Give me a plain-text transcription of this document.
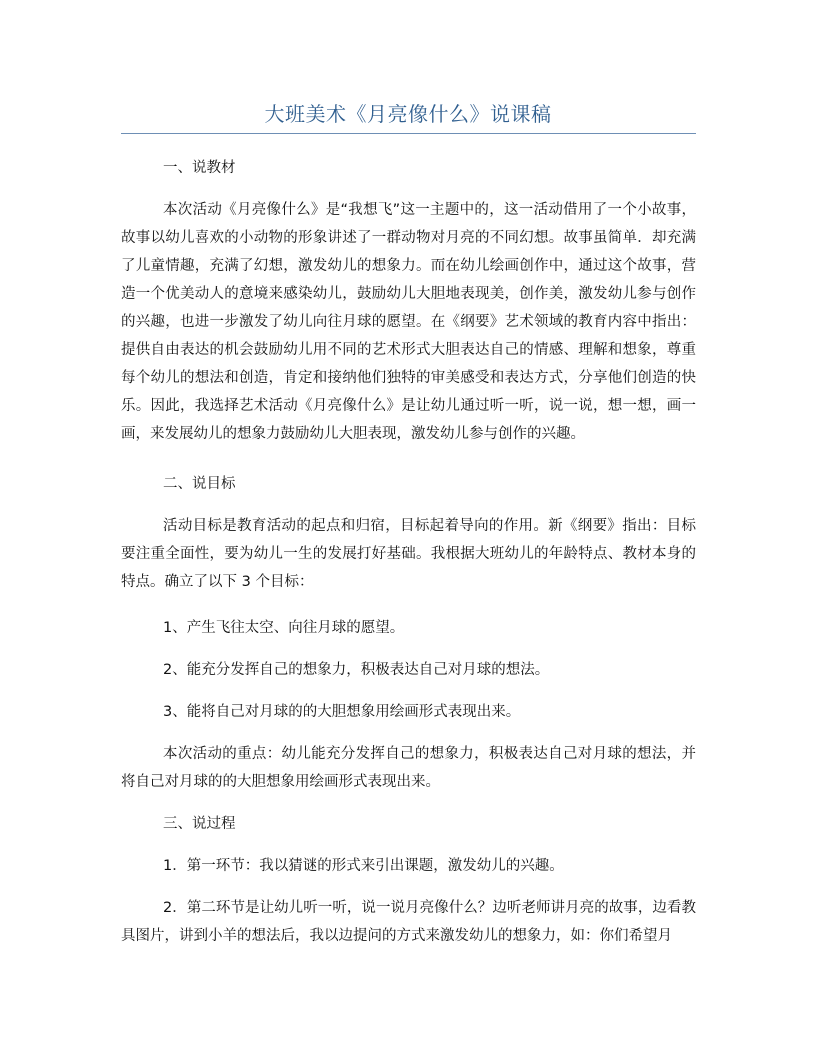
大班美术《月亮像什么》说课稿
一、说教材

本次活动《月亮像什么》是“我想飞”这一主题中的，这一活动借用了一个小故事，故事以幼儿喜欢的小动物的形象讲述了一群动物对月亮的不同幻想。故事虽简单．却充满了儿童情趣，充满了幻想，激发幼儿的想象力。而在幼儿绘画创作中，通过这个故事，营造一个优美动人的意境来感染幼儿，鼓励幼儿大胆地表现美，创作美，激发幼儿参与创作的兴趣，也进一步激发了幼儿向往月球的愿望。在《纲要》艺术领域的教育内容中指出：提供自由表达的机会鼓励幼儿用不同的艺术形式大胆表达自己的情感、理解和想象，尊重每个幼儿的想法和创造，肯定和接纳他们独特的审美感受和表达方式，分享他们创造的快乐。因此，我选择艺术活动《月亮像什么》是让幼儿通过听一听，说一说，想一想，画一画，来发展幼儿的想象力鼓励幼儿大胆表现，激发幼儿参与创作的兴趣。

二、说目标

活动目标是教育活动的起点和归宿，目标起着导向的作用。新《纲要》指出：目标要注重全面性，要为幼儿一生的发展打好基础。我根据大班幼儿的年龄特点、教材本身的特点。确立了以下 3 个目标：

1、产生飞往太空、向往月球的愿望。
2、能充分发挥自己的想象力，积极表达自己对月球的想法。
3、能将自己对月球的的大胆想象用绘画形式表现出来。

本次活动的重点：幼儿能充分发挥自己的想象力，积极表达自己对月球的想法，并将自己对月球的的大胆想象用绘画形式表现出来。

三、说过程
1．第一环节：我以猜谜的形式来引出课题，激发幼儿的兴趣。

2．第二环节是让幼儿听一听，说一说月亮像什么？边听老师讲月亮的故事，边看教具图片，讲到小羊的想法后，我以边提问的方式来激发幼儿的想象力，如：你们希望月
